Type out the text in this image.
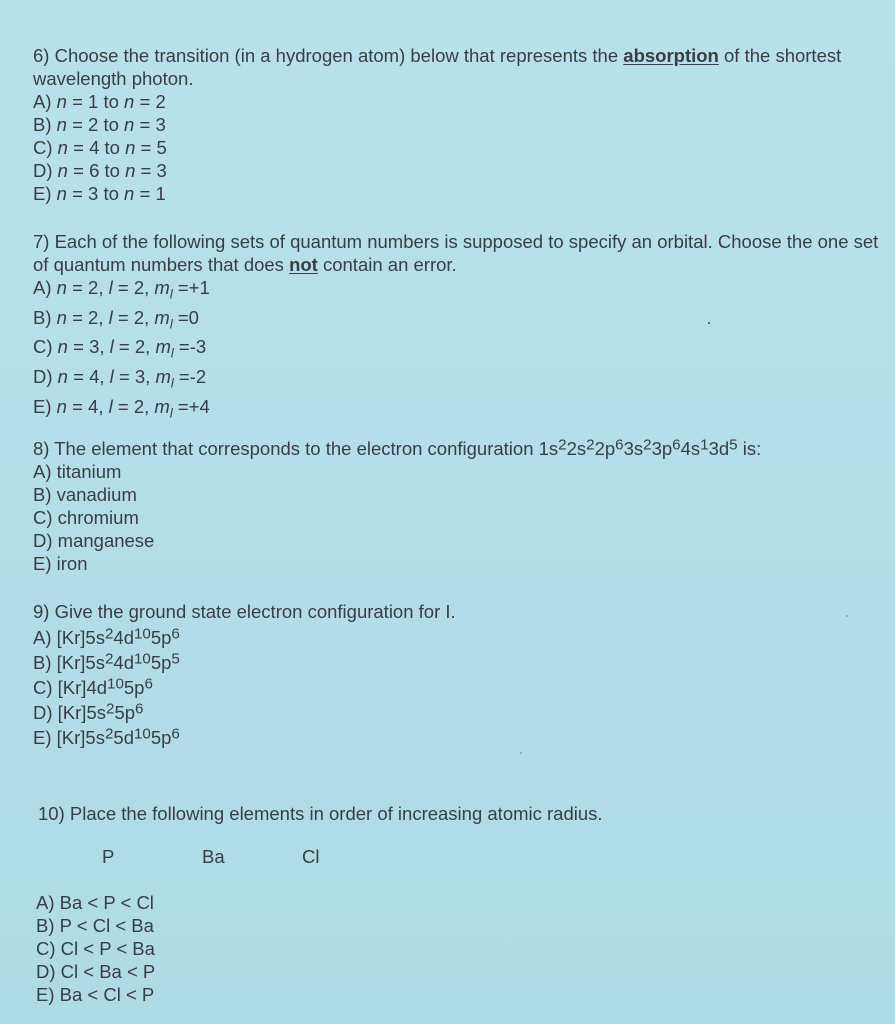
6) Choose the transition (in a hydrogen atom) below that represents the absorption of the shortest wavelength photon.

A) n = 1 to n = 2
B) n = 2 to n = 3
C) n = 4 to n = 5
D) n = 6 to n = 3
E) n = 3 to n = 1

7) Each of the following sets of quantum numbers is supposed to specify an orbital. Choose the one set of quantum numbers that does not contain an error.

A) n = 2, l = 2, $m_l =+1$
B) n = 2, l = 2, $m_l =0$
C) n = 3, l = 2, $m_l =-3$
D) n = 4, l = 3, $m_l =-2$
E) n = 4, l = 2, $m_l =+4$

8) The element that corresponds to the electron configuration $1s^22s^22p^63s^23p^64s^13d^5$ is:

A) titanium
B) vanadium
C) chromium
D) manganese
E) iron

9) Give the ground state electron configuration for I.

A) $[Kr]5s^24d^{10}5p^6$
B) $[Kr]5s^24d^{10}5p^5$
C) $[Kr]4d^{10}5p^6$
D) $[Kr]5s^25p^6$
E) $[Kr]5s^25d^{10}5p^6$

10) Place the following elements in order of increasing atomic radius.

P	Ba	Cl
A) Ba < P < Cl
B) P < Cl < Ba
C) Cl < P < Ba
D) Cl < Ba < P
E) Ba < Cl < P
